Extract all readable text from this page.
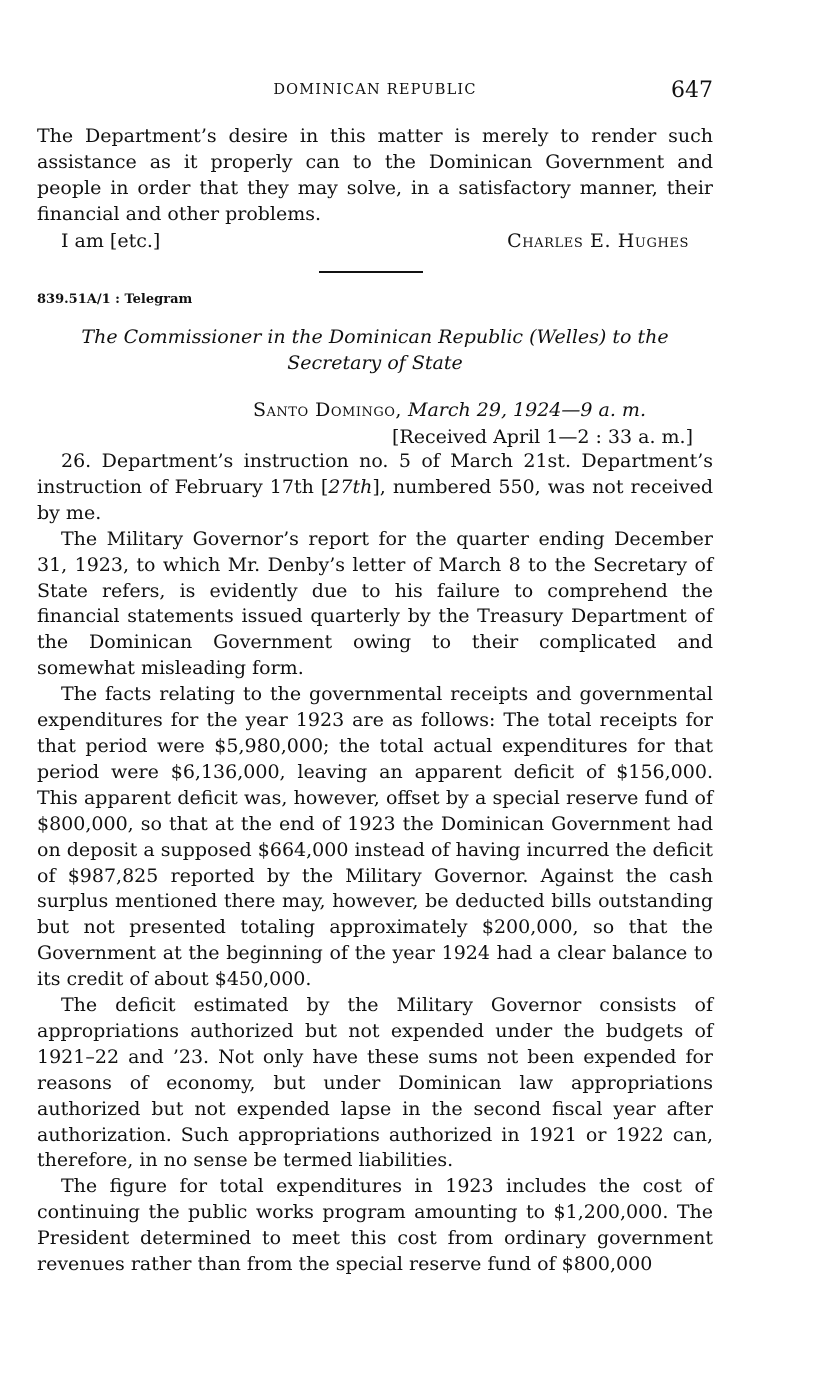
DOMINICAN REPUBLIC	647

The Department’s desire in this matter is merely to render such assistance as it properly can to the Dominican Government and people in order that they may solve, in a satisfactory manner, their financial and other problems.

I am [etc.]	Charles E. Hughes
839.51A/1 : Telegram
The Commissioner in the Dominican Republic (Welles) to the
Secretary of State
Santo Domingo, March 29, 1924—9 a. m.
[Received April 1—2 : 33 a. m.]

26. Department’s instruction no. 5 of March 21st. Department’s instruction of February 17th [27th], numbered 550, was not received by me.

The Military Governor’s report for the quarter ending December 31, 1923, to which Mr. Denby’s letter of March 8 to the Secretary of State refers, is evidently due to his failure to comprehend the financial statements issued quarterly by the Treasury Department of the Dominican Government owing to their complicated and somewhat misleading form.

The facts relating to the governmental receipts and governmental expenditures for the year 1923 are as follows: The total receipts for that period were $5,980,000; the total actual expenditures for that period were $6,136,000, leaving an apparent deficit of $156,000. This apparent deficit was, however, offset by a special reserve fund of $800,000, so that at the end of 1923 the Dominican Government had on deposit a supposed $664,000 instead of having incurred the deficit of $987,825 reported by the Military Governor. Against the cash surplus mentioned there may, however, be deducted bills outstanding but not presented totaling approximately $200,000, so that the Government at the beginning of the year 1924 had a clear balance to its credit of about $450,000.

The deficit estimated by the Military Governor consists of appropriations authorized but not expended under the budgets of 1921–22 and ’23. Not only have these sums not been expended for reasons of economy, but under Dominican law appropriations authorized but not expended lapse in the second fiscal year after authorization. Such appropriations authorized in 1921 or 1922 can, therefore, in no sense be termed liabilities.

The figure for total expenditures in 1923 includes the cost of continuing the public works program amounting to $1,200,000. The President determined to meet this cost from ordinary government revenues rather than from the special reserve fund of $800,000
